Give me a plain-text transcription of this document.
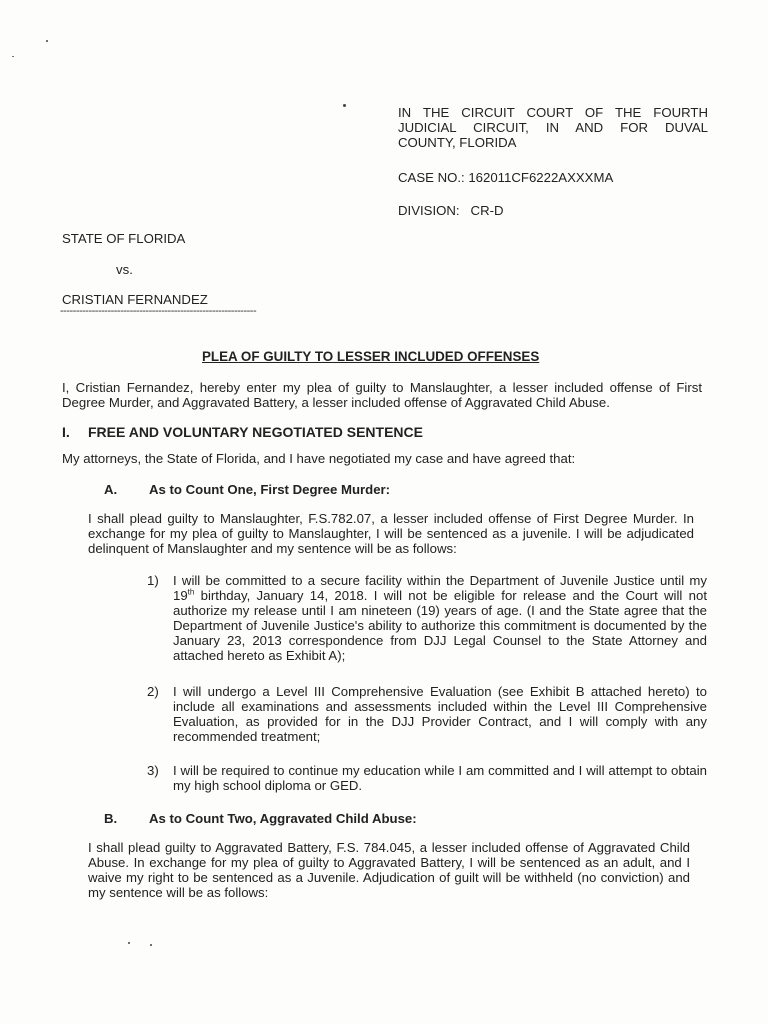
IN THE CIRCUIT COURT OF THE FOURTH
JUDICIAL CIRCUIT, IN AND FOR DUVAL
COUNTY, FLORIDA
CASE NO.: 162011CF6222AXXXMA
DIVISION:   CR-D
STATE OF FLORIDA
vs.
CRISTIAN FERNANDEZ
--------------------------------------------------------------
PLEA OF GUILTY TO LESSER INCLUDED OFFENSES
I, Cristian Fernandez, hereby enter my plea of guilty to Manslaughter, a lesser included offense of First Degree Murder, and Aggravated Battery, a lesser included offense of Aggravated Child Abuse.
I. FREE AND VOLUNTARY NEGOTIATED SENTENCE
My attorneys, the State of Florida, and I have negotiated my case and have agreed that:
A. As to Count One, First Degree Murder:
I shall plead guilty to Manslaughter, F.S.782.07, a lesser included offense of First Degree Murder. In exchange for my plea of guilty to Manslaughter, I will be sentenced as a juvenile. I will be adjudicated delinquent of Manslaughter and my sentence will be as follows:
1)	I will be committed to a secure facility within the Department of Juvenile Justice until my 19th birthday, January 14, 2018. I will not be eligible for release and the Court will not authorize my release until I am nineteen (19) years of age. (I and the State agree that the Department of Juvenile Justice's ability to authorize this commitment is documented by the January 23, 2013 correspondence from DJJ Legal Counsel to the State Attorney and attached hereto as Exhibit A);
2)	I will undergo a Level III Comprehensive Evaluation (see Exhibit B attached hereto) to include all examinations and assessments included within the Level III Comprehensive Evaluation, as provided for in the DJJ Provider Contract, and I will comply with any recommended treatment;
3)	I will be required to continue my education while I am committed and I will attempt to obtain my high school diploma or GED.
B. As to Count Two, Aggravated Child Abuse:
I shall plead guilty to Aggravated Battery, F.S. 784.045, a lesser included offense of Aggravated Child Abuse. In exchange for my plea of guilty to Aggravated Battery, I will be sentenced as an adult, and I waive my right to be sentenced as a Juvenile. Adjudication of guilt will be withheld (no conviction) and my sentence will be as follows:
